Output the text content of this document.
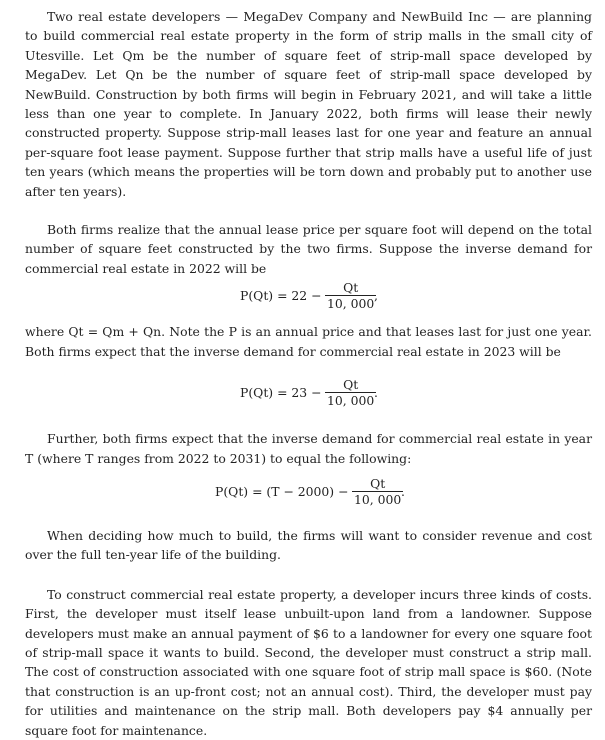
Two real estate developers — MegaDev Company and NewBuild Inc — are planning to build commercial real estate property in the form of strip malls in the small city of Utesville. Let Qm be the number of square feet of strip-mall space developed by MegaDev. Let Qn be the number of square feet of strip-mall space developed by NewBuild. Construction by both firms will begin in February 2021, and will take a little less than one year to complete. In January 2022, both firms will lease their newly constructed property. Suppose strip-mall leases last for one year and feature an annual per-square foot lease payment. Suppose further that strip malls have a useful life of just ten years (which means the properties will be torn down and probably put to another use after ten years).

Both firms realize that the annual lease price per square foot will depend on the total number of square feet constructed by the two firms. Suppose the inverse demand for commercial real estate in 2022 will be

$P(Qt) = 22 - \frac{Qt}{10, 000}$
,

where Qt = Qm + Qn. Note the P is an annual price and that leases last for just one year. Both firms expect that the inverse demand for commercial real estate in 2023 will be

$P(Qt) = 23 - \frac{Qt}{10, 000}$
.

Further, both firms expect that the inverse demand for commercial real estate in year T (where T ranges from 2022 to 2031) to equal the following:

$P(Qt) = (T - 2000) - \frac{Qt}{10, 000}$
.

When deciding how much to build, the firms will want to consider revenue and cost over the full ten-year life of the building.

To construct commercial real estate property, a developer incurs three kinds of costs. First, the developer must itself lease unbuilt-upon land from a landowner. Suppose developers must make an annual payment of $6 to a landowner for every one square foot of strip-mall space it wants to build. Second, the developer must construct a strip mall. The cost of construction associated with one square foot of strip mall space is $60. (Note that construction is an up-front cost; not an annual cost). Third, the developer must pay for utilities and maintenance on the strip mall. Both developers pay $4 annually per square foot for maintenance.
